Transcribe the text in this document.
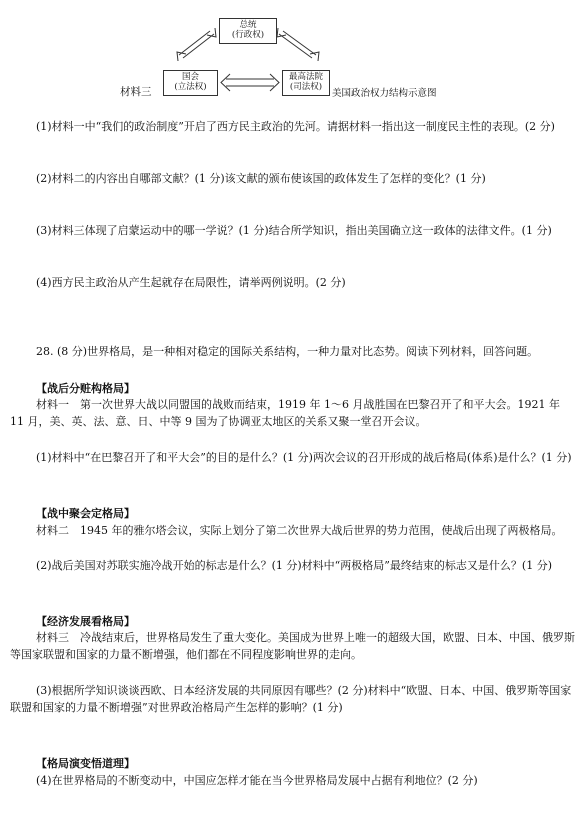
总统
(行政权)
国会
(立法权)
最高法院
(司法权)
材料三	美国政治权力结构示意图

(1)材料一中“我们的政治制度”开启了西方民主政治的先河。请据材料一指出这一制度民主性的表现。(2 分)

(2)材料二的内容出自哪部文献？(1 分)该文献的颁布使该国的政体发生了怎样的变化？(1 分)

(3)材料三体现了启蒙运动中的哪一学说？(1 分)结合所学知识，指出美国确立这一政体的法律文件。(1 分)

(4)西方民主政治从产生起就存在局限性，请举两例说明。(2 分)

28. (8 分)世界格局，是一种相对稳定的国际关系结构，一种力量对比态势。阅读下列材料，回答问题。

【战后分赃构格局】

材料一　第一次世界大战以同盟国的战败而结束，1919 年 1～6 月战胜国在巴黎召开了和平大会。1921 年 11 月，美、英、法、意、日、中等 9 国为了协调亚太地区的关系又聚一堂召开会议。

(1)材料中“在巴黎召开了和平大会”的目的是什么？(1 分)两次会议的召开形成的战后格局(体系)是什么？(1 分)

【战中聚会定格局】

材料二　1945 年的雅尔塔会议，实际上划分了第二次世界大战后世界的势力范围，使战后出现了两极格局。

(2)战后美国对苏联实施冷战开始的标志是什么？(1 分)材料中“两极格局”最终结束的标志又是什么？(1 分)

【经济发展看格局】

材料三　冷战结束后，世界格局发生了重大变化。美国成为世界上唯一的超级大国，欧盟、日本、中国、俄罗斯等国家联盟和国家的力量不断增强，他们都在不同程度影响世界的走向。

(3)根据所学知识谈谈西欧、日本经济发展的共同原因有哪些？(2 分)材料中“欧盟、日本、中国、俄罗斯等国家联盟和国家的力量不断增强”对世界政治格局产生怎样的影响？(1 分)

【格局演变悟道理】

(4)在世界格局的不断变动中，中国应怎样才能在当今世界格局发展中占据有利地位？(2 分)
